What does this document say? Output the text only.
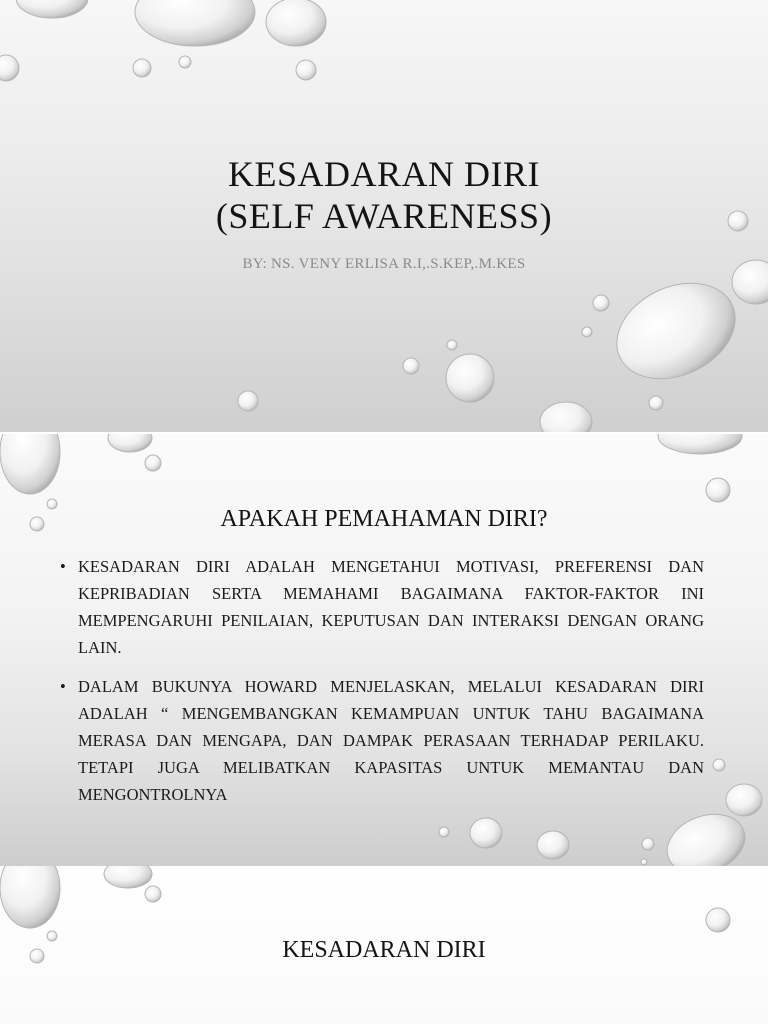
KESADARAN DIRI
(SELF AWARENESS)
BY: NS. VENY ERLISA R.I,.S.KEP,.M.KES
APAKAH PEMAHAMAN DIRI?
• KESADARAN DIRI ADALAH MENGETAHUI MOTIVASI, PREFERENSI DAN KEPRIBADIAN SERTA MEMAHAMI BAGAIMANA FAKTOR-FAKTOR INI MEMPENGARUHI PENILAIAN, KEPUTUSAN DAN INTERAKSI DENGAN ORANG LAIN.
• DALAM BUKUNYA HOWARD MENJELASKAN, MELALUI KESADARAN DIRI ADALAH “ MENGEMBANGKAN KEMAMPUAN UNTUK TAHU BAGAIMANA MERASA DAN MENGAPA, DAN DAMPAK PERASAAN TERHADAP PERILAKU. TETAPI JUGA MELIBATKAN KAPASITAS UNTUK MEMANTAU DAN MENGONTROLNYA
KESADARAN DIRI
